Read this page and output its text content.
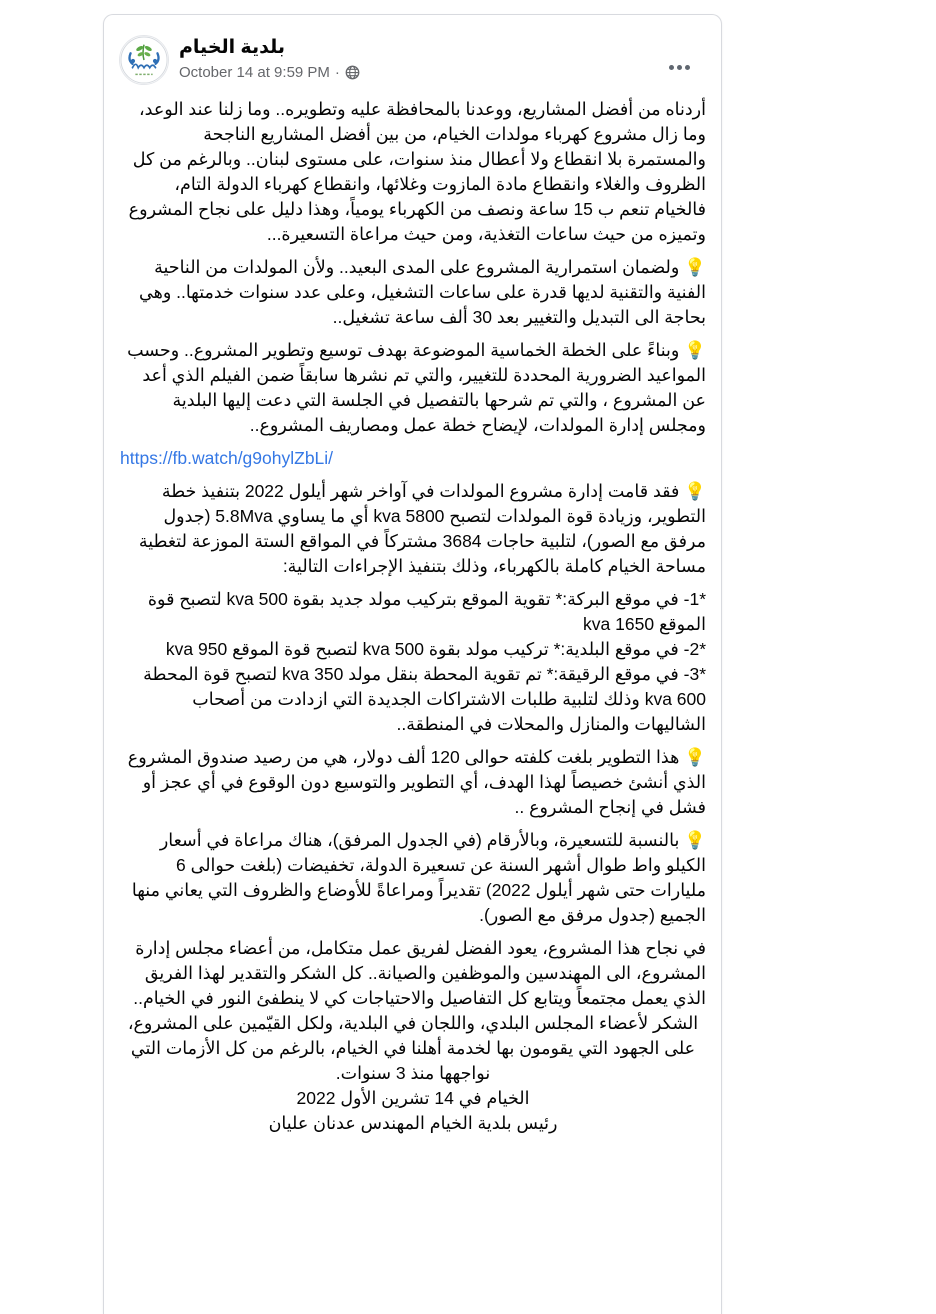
بلدية الخيام
October 14 at 9:59 PM ·

أردناه من أفضل المشاريع، ووعدنا بالمحافظة عليه وتطويره.. وما زلنا عند الوعد، وما زال مشروع كهرباء مولدات الخيام، من بين أفضل المشاريع الناجحة والمستمرة بلا انقطاع ولا أعطال منذ سنوات، على مستوى لبنان.. وبالرغم من كل الظروف والغلاء وانقطاع مادة المازوت وغلائها، وانقطاع كهرباء الدولة التام، فالخيام تنعم ب 15 ساعة ونصف من الكهرباء يومياً، وهذا دليل على نجاح المشروع وتميزه من حيث ساعات التغذية، ومن حيث مراعاة التسعيرة...

💡 ولضمان استمرارية المشروع على المدى البعيد.. ولأن المولدات من الناحية الفنية والتقنية لديها قدرة على ساعات التشغيل، وعلى عدد سنوات خدمتها.. وهي بحاجة الى التبديل والتغيير بعد 30 ألف ساعة تشغيل..

💡 وبناءً على الخطة الخماسية الموضوعة بهدف توسيع وتطوير المشروع.. وحسب المواعيد الضرورية المحددة للتغيير، والتي تم نشرها سابقاً ضمن الفيلم الذي أعد عن المشروع ، والتي تم شرحها بالتفصيل في الجلسة التي دعت إليها البلدية ومجلس إدارة المولدات، لإيضاح خطة عمل ومصاريف المشروع..

https://fb.watch/g9ohylZbLi/

💡 فقد قامت إدارة مشروع المولدات في آواخر شهر أيلول 2022 بتنفيذ خطة التطوير، وزيادة قوة المولدات لتصبح 5800 kva أي ما يساوي 5.8Mva (جدول مرفق مع الصور)، لتلبية حاجات 3684 مشتركاً في المواقع الستة الموزعة لتغطية مساحة الخيام كاملة بالكهرباء، وذلك بتنفيذ الإجراءات التالية:

*1- في موقع البركة:* تقوية الموقع بتركيب مولد جديد بقوة 500 kva لتصبح قوة الموقع 1650 kva

*2- في موقع البلدية:* تركيب مولد بقوة 500 kva لتصبح قوة الموقع 950 kva

*3- في موقع الرقيقة:* تم تقوية المحطة بنقل مولد 350 kva لتصبح قوة المحطة 600 kva وذلك لتلبية طلبات الاشتراكات الجديدة التي ازدادت من أصحاب الشاليهات والمنازل والمحلات في المنطقة..

💡 هذا التطوير بلغت كلفته حوالى 120 ألف دولار، هي من رصيد صندوق المشروع الذي أنشئ خصيصاً لهذا الهدف، أي التطوير والتوسيع دون الوقوع في أي عجز أو فشل في إنجاح المشروع ..

💡 بالنسبة للتسعيرة، وبالأرقام (في الجدول المرفق)، هناك مراعاة في أسعار الكيلو واط طوال أشهر السنة عن تسعيرة الدولة، تخفيضات (بلغت حوالى 6 مليارات حتى شهر أيلول 2022) تقديراً ومراعاةً للأوضاع والظروف التي يعاني منها الجميع (جدول مرفق مع الصور).

في نجاح هذا المشروع، يعود الفضل لفريق عمل متكامل، من أعضاء مجلس إدارة المشروع، الى المهندسين والموظفين والصيانة.. كل الشكر والتقدير لهذا الفريق الذي يعمل مجتمعاً ويتابع كل التفاصيل والاحتياجات كي لا ينطفئ النور في الخيام..

الشكر لأعضاء المجلس البلدي، واللجان في البلدية، ولكل القيّمين على المشروع، على الجهود التي يقومون بها لخدمة أهلنا في الخيام، بالرغم من كل الأزمات التي نواجهها منذ 3 سنوات.

الخيام في 14 تشرين الأول 2022

رئيس بلدية الخيام المهندس عدنان عليان
